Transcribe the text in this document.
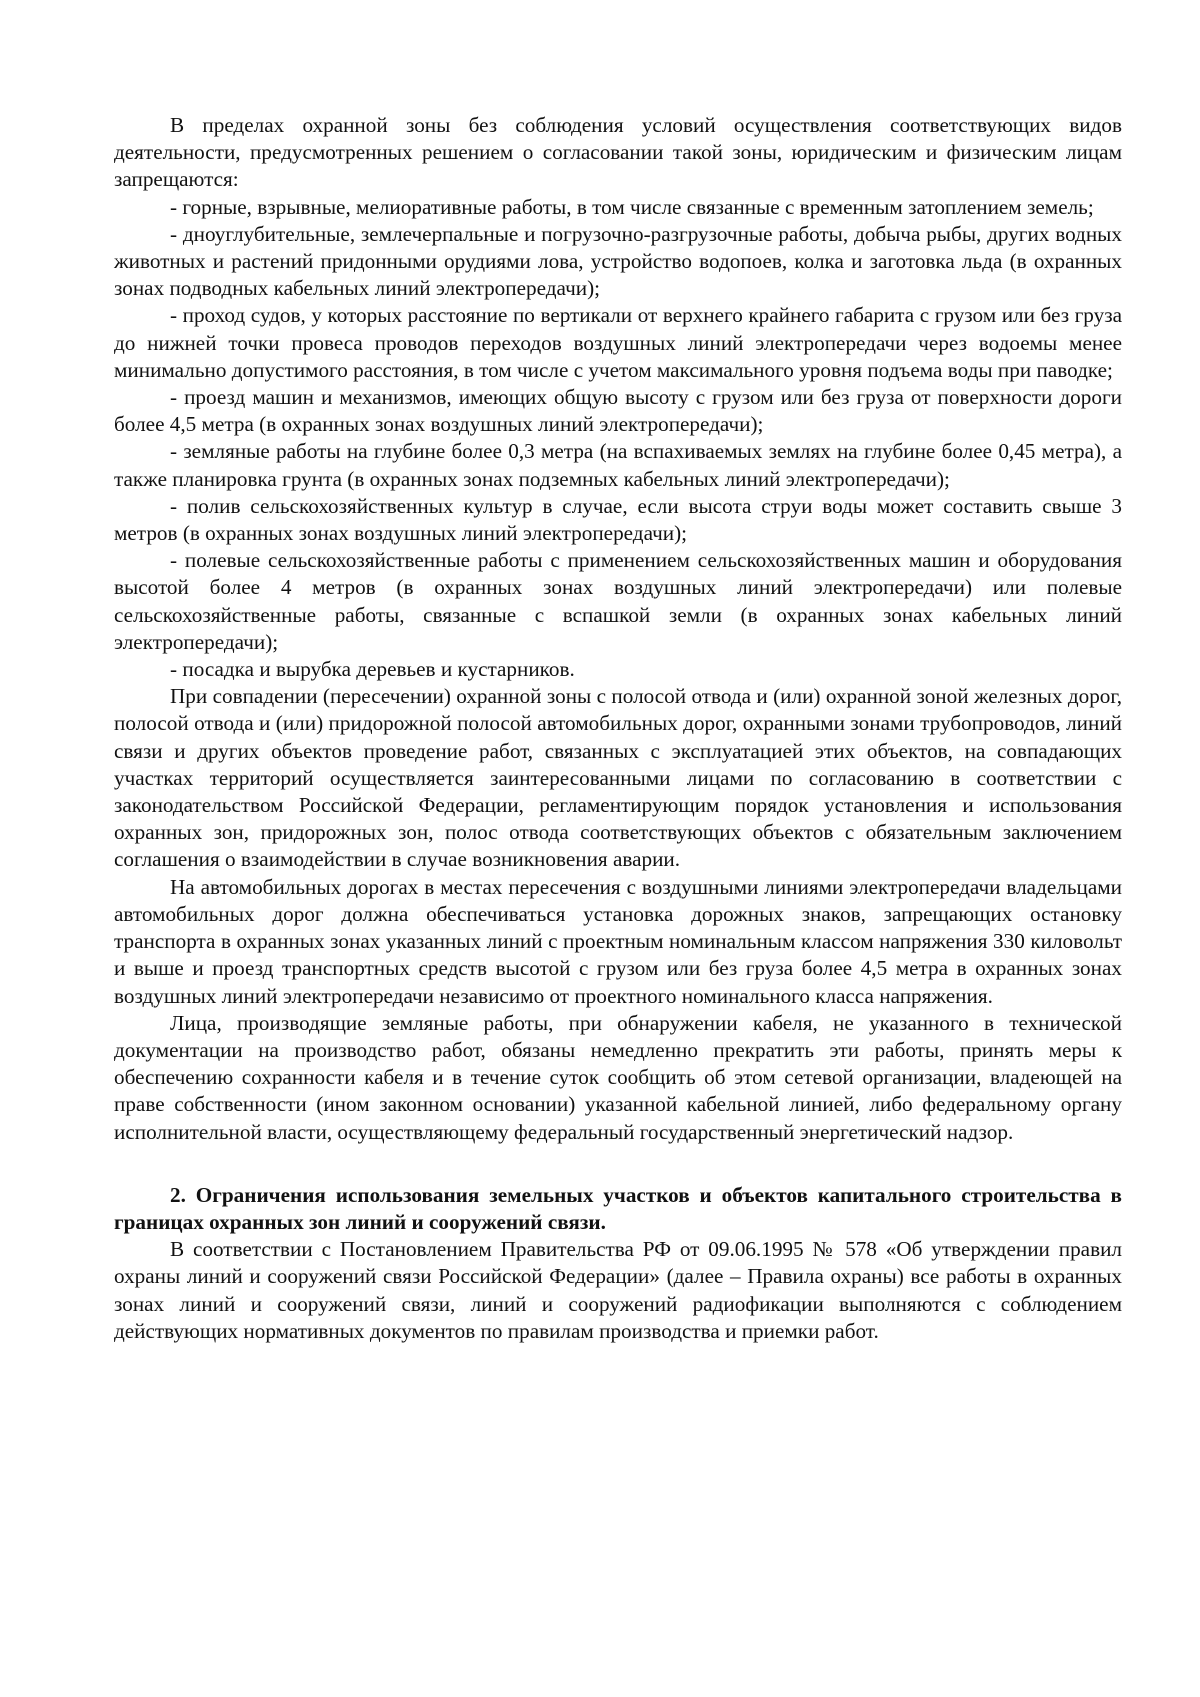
В пределах охранной зоны без соблюдения условий осуществления соответствующих видов деятельности, предусмотренных решением о согласовании такой зоны, юридическим и физическим лицам запрещаются:

- горные, взрывные, мелиоративные работы, в том числе связанные с временным затоплением земель;

- дноуглубительные, землечерпальные и погрузочно-разгрузочные работы, добыча рыбы, других водных животных и растений придонными орудиями лова, устройство водопоев, колка и заготовка льда (в охранных зонах подводных кабельных линий электропередачи);

- проход судов, у которых расстояние по вертикали от верхнего крайнего габарита с грузом или без груза до нижней точки провеса проводов переходов воздушных линий электропередачи через водоемы менее минимально допустимого расстояния, в том числе с учетом максимального уровня подъема воды при паводке;

- проезд машин и механизмов, имеющих общую высоту с грузом или без груза от поверхности дороги более 4,5 метра (в охранных зонах воздушных линий электропередачи);

- земляные работы на глубине более 0,3 метра (на вспахиваемых землях на глубине более 0,45 метра), а также планировка грунта (в охранных зонах подземных кабельных линий электропередачи);

- полив сельскохозяйственных культур в случае, если высота струи воды может составить свыше 3 метров (в охранных зонах воздушных линий электропередачи);

- полевые сельскохозяйственные работы с применением сельскохозяйственных машин и оборудования высотой более 4 метров (в охранных зонах воздушных линий электропередачи) или полевые сельскохозяйственные работы, связанные с вспашкой земли (в охранных зонах кабельных линий электропередачи);

- посадка и вырубка деревьев и кустарников.

При совпадении (пересечении) охранной зоны с полосой отвода и (или) охранной зоной железных дорог, полосой отвода и (или) придорожной полосой автомобильных дорог, охранными зонами трубопроводов, линий связи и других объектов проведение работ, связанных с эксплуатацией этих объектов, на совпадающих участках территорий осуществляется заинтересованными лицами по согласованию в соответствии с законодательством Российской Федерации, регламентирующим порядок установления и использования охранных зон, придорожных зон, полос отвода соответствующих объектов с обязательным заключением соглашения о взаимодействии в случае возникновения аварии.

На автомобильных дорогах в местах пересечения с воздушными линиями электропередачи владельцами автомобильных дорог должна обеспечиваться установка дорожных знаков, запрещающих остановку транспорта в охранных зонах указанных линий с проектным номинальным классом напряжения 330 киловольт и выше и проезд транспортных средств высотой с грузом или без груза более 4,5 метра в охранных зонах воздушных линий электропередачи независимо от проектного номинального класса напряжения.

Лица, производящие земляные работы, при обнаружении кабеля, не указанного в технической документации на производство работ, обязаны немедленно прекратить эти работы, принять меры к обеспечению сохранности кабеля и в течение суток сообщить об этом сетевой организации, владеющей на праве собственности (ином законном основании) указанной кабельной линией, либо федеральному органу исполнительной власти, осуществляющему федеральный государственный энергетический надзор.

2. Ограничения использования земельных участков и объектов капитального строительства в границах охранных зон линий и сооружений связи.

В соответствии с Постановлением Правительства РФ от 09.06.1995 № 578 «Об утверждении правил охраны линий и сооружений связи Российской Федерации» (далее – Правила охраны) все работы в охранных зонах линий и сооружений связи, линий и сооружений радиофикации выполняются с соблюдением действующих нормативных документов по правилам производства и приемки работ.
